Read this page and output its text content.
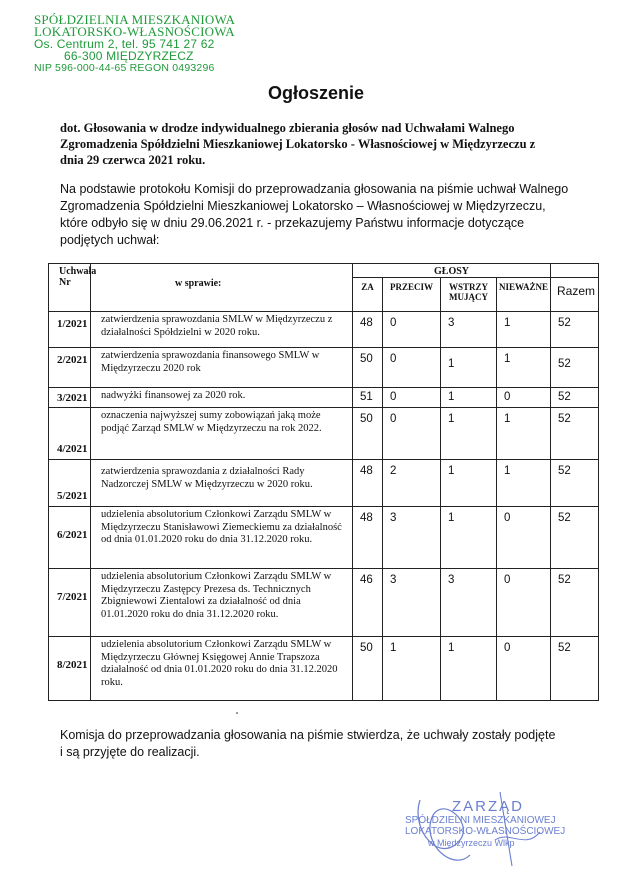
SPÓŁDZIELNIA MIESZKANIOWA
LOKATORSKO-WŁASNOŚCIOWA
Os. Centrum 2, tel. 95 741 27 62
66-300 MIĘDZYRZECZ
NIP 596-000-44-65 REGON 0493296
Ogłoszenie
dot. Głosowania w drodze indywidualnego zbierania głosów nad Uchwałami Walnego Zgromadzenia Spółdzielni Mieszkaniowej Lokatorsko - Własnościowej w Międzyrzeczu z dnia 29 czerwca 2021 roku.
Na podstawie protokołu Komisji do przeprowadzania głosowania na piśmie uchwał Walnego Zgromadzenia Spółdzielni Mieszkaniowej Lokatorsko – Własnościowej w Międzyrzeczu, które odbyło się w dniu 29.06.2021 r. - przekazujemy Państwu informacje dotyczące podjętych uchwał:
Uchwała Nr	w sprawie:	GŁOSY				
		ZA	PRZECIW	WSTRZY MUJĄCY	NIEWAŻNE	Razem
1/2021	zatwierdzenia sprawozdania SMLW w Międzyrzeczu z działalności Spółdzielni w 2020 roku.	48	0	3	1	52
2/2021	zatwierdzenia sprawozdania finansowego SMLW w Międzyrzeczu 2020 rok	50	0	1	1	52
3/2021	nadwyżki finansowej za 2020 rok.	51	0	1	0	52
4/2021	oznaczenia najwyższej sumy zobowiązań jaką może podjąć Zarząd SMLW w Międzyrzeczu na rok 2022.	50	0	1	1	52
5/2021	zatwierdzenia sprawozdania z działalności Rady Nadzorczej SMLW w Międzyrzeczu w 2020 roku.	48	2	1	1	52
6/2021	udzielenia absolutorium Członkowi Zarządu SMLW w Międzyrzeczu Stanisławowi Ziemeckiemu za działalność od dnia 01.01.2020 roku do dnia 31.12.2020 roku.	48	3	1	0	52
7/2021	udzielenia absolutorium Członkowi Zarządu SMLW w Międzyrzeczu Zastępcy Prezesa ds. Technicznych Zbigniewowi Zientalowi za działalność od dnia 01.01.2020 roku do dnia 31.12.2020 roku.	46	3	3	0	52
8/2021	udzielenia absolutorium Członkowi Zarządu SMLW w Międzyrzeczu Głównej Księgowej Annie Trapszoza działalność od dnia 01.01.2020 roku do dnia 31.12.2020 roku.	50	1	1	0	52
Komisja do przeprowadzania głosowania na piśmie stwierdza, że uchwały zostały podjęte i są przyjęte do realizacji.
ZARZĄD
SPÓŁDZIELNI MIESZKANIOWEJ
LOKATORSKO-WŁASNOŚCIOWEJ
w Międzyrzeczu Wlkp
